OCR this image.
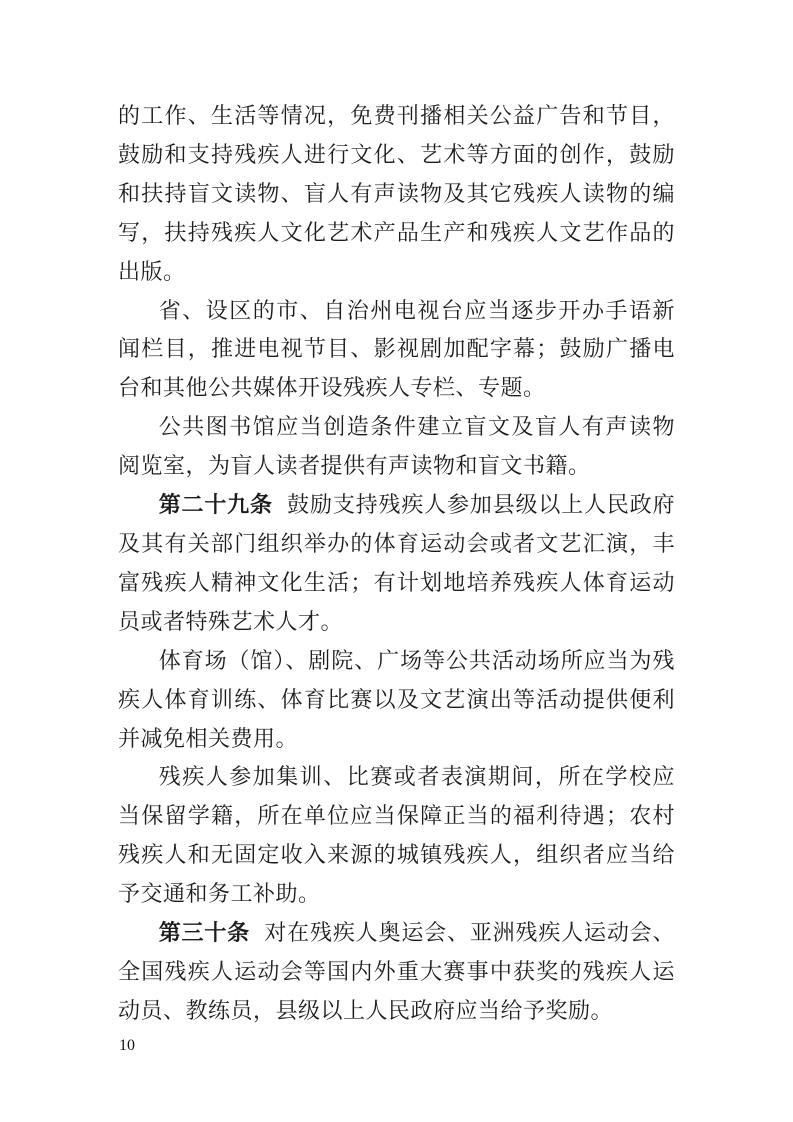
的工作、生活等情况，免费刊播相关公益广告和节目，鼓励和支持残疾人进行文化、艺术等方面的创作，鼓励和扶持盲文读物、盲人有声读物及其它残疾人读物的编写，扶持残疾人文化艺术产品生产和残疾人文艺作品的出版。

省、设区的市、自治州电视台应当逐步开办手语新闻栏目，推进电视节目、影视剧加配字幕；鼓励广播电台和其他公共媒体开设残疾人专栏、专题。

公共图书馆应当创造条件建立盲文及盲人有声读物阅览室，为盲人读者提供有声读物和盲文书籍。

第二十九条 鼓励支持残疾人参加县级以上人民政府及其有关部门组织举办的体育运动会或者文艺汇演，丰富残疾人精神文化生活；有计划地培养残疾人体育运动员或者特殊艺术人才。

体育场（馆）、剧院、广场等公共活动场所应当为残疾人体育训练、体育比赛以及文艺演出等活动提供便利并减免相关费用。

残疾人参加集训、比赛或者表演期间，所在学校应当保留学籍，所在单位应当保障正当的福利待遇；农村残疾人和无固定收入来源的城镇残疾人，组织者应当给予交通和务工补助。

第三十条 对在残疾人奥运会、亚洲残疾人运动会、全国残疾人运动会等国内外重大赛事中获奖的残疾人运动员、教练员，县级以上人民政府应当给予奖励。

10
